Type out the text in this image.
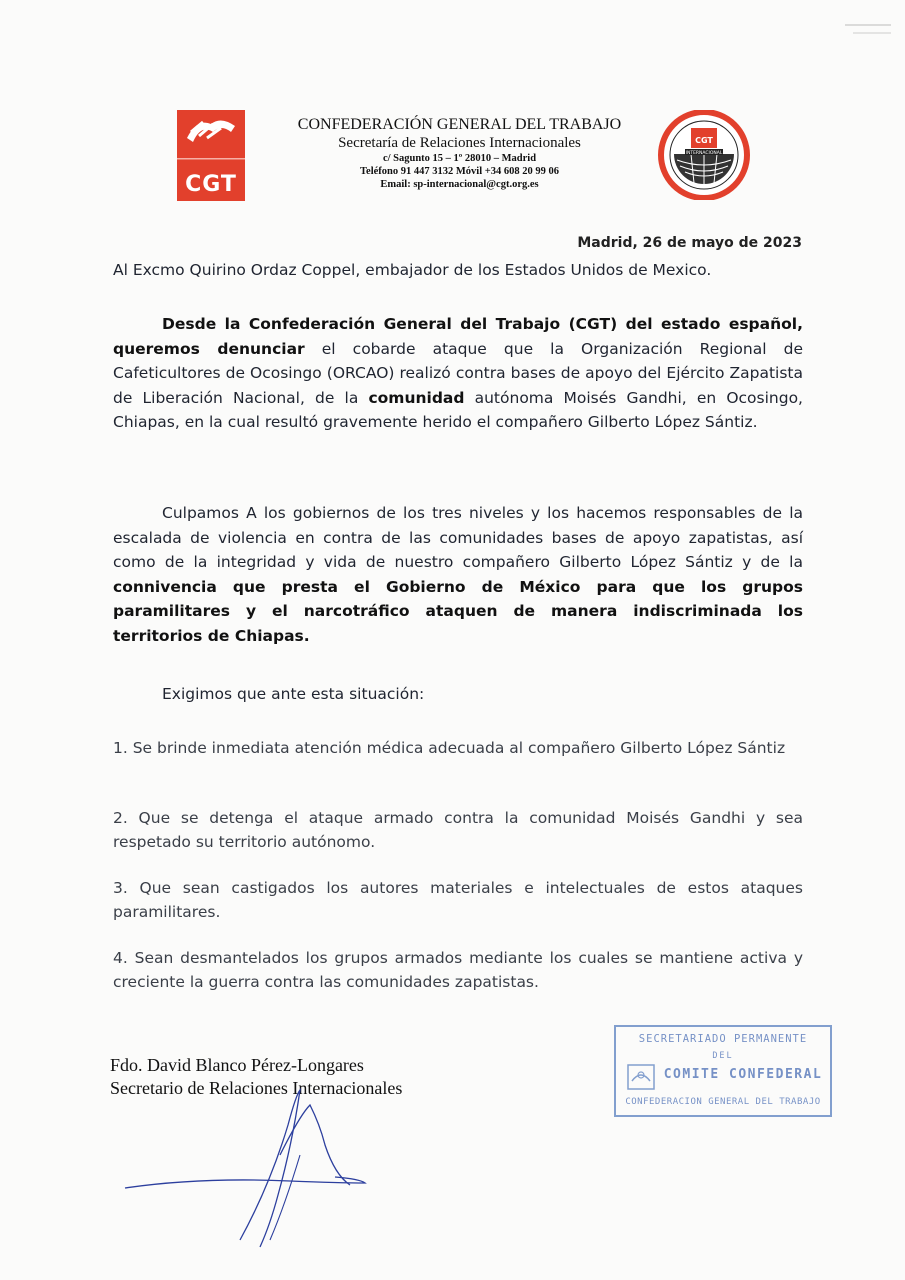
CGT
CONFEDERACIÓN GENERAL DEL TRABAJO
Secretaría de Relaciones Internacionales
c/ Sagunto 15 – 1º 28010 – Madrid
Teléfono 91 447 3132 Móvil +34 608 20 99 06
Email: sp-internacional@cgt.org.es
CGT
INTERNACIONAL
Madrid, 26 de mayo de 2023
Al Excmo Quirino Ordaz Coppel, embajador de los Estados Unidos de Mexico.
Desde la Confederación General del Trabajo (CGT) del estado español, queremos denunciar el cobarde ataque que la Organización Regional de Cafeticultores de Ocosingo (ORCAO) realizó contra bases de apoyo del Ejército Zapatista de Liberación Nacional, de la comunidad autónoma Moisés Gandhi, en Ocosingo, Chiapas, en la cual resultó gravemente herido el compañero Gilberto López Sántiz.
Culpamos A los gobiernos de los tres niveles y los hacemos responsables de la escalada de violencia en contra de las comunidades bases de apoyo zapatistas, así como de la integridad y vida de nuestro compañero Gilberto López Sántiz y de la connivencia que presta el Gobierno de México para que los grupos paramilitares y el narcotráfico ataquen de manera indiscriminada los territorios de Chiapas.
Exigimos que ante esta situación:
1. Se brinde inmediata atención médica adecuada al compañero Gilberto López Sántiz
2. Que se detenga el ataque armado contra la comunidad Moisés Gandhi y sea respetado su territorio autónomo.
3. Que sean castigados los autores materiales e intelectuales de estos ataques paramilitares.
4. Sean desmantelados los grupos armados mediante los cuales se mantiene activa y creciente la guerra contra las comunidades zapatistas.
Fdo. David Blanco Pérez-Longares
Secretario de Relaciones Internacionales
SECRETARIADO PERMANENTE
DEL
COMITE CONFEDERAL
CONFEDERACION GENERAL DEL TRABAJO
